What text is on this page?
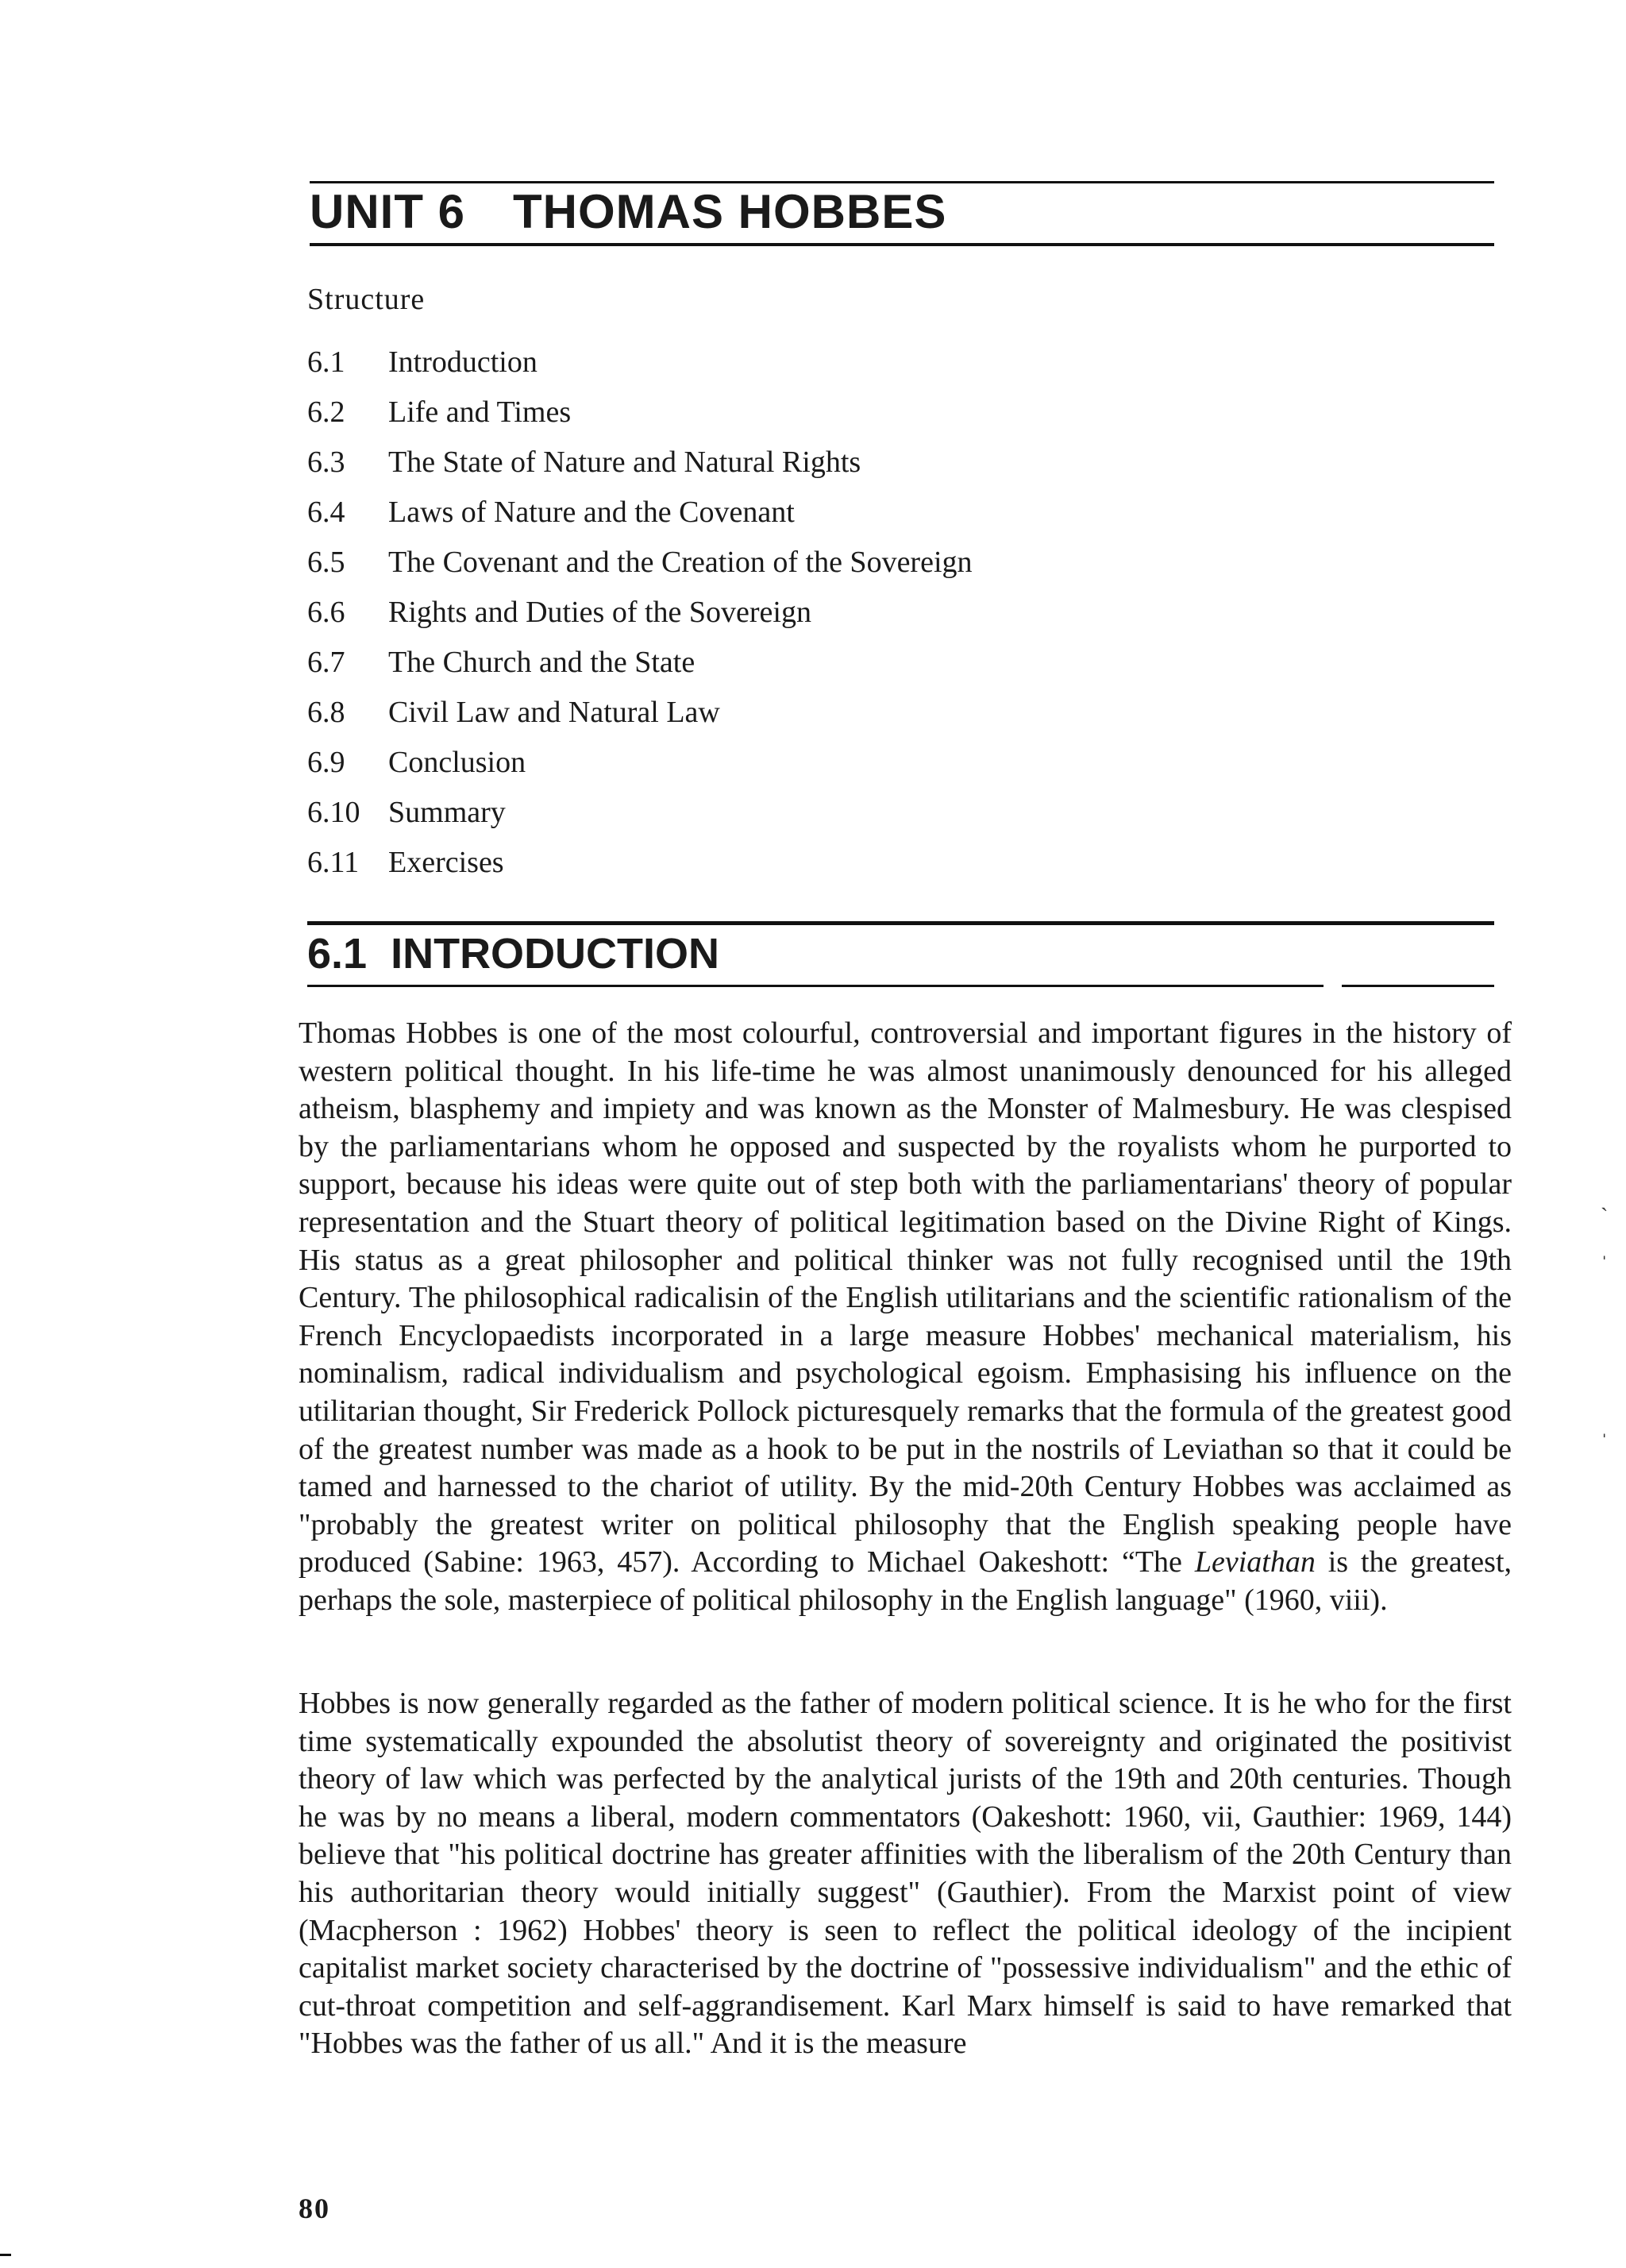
UNIT 6 THOMAS HOBBES
Structure
6.1	Introduction
6.2	Life and Times
6.3	The State of Nature and Natural Rights
6.4	Laws of Nature and the Covenant
6.5	The Covenant and the Creation of the Sovereign
6.6	Rights and Duties of the Sovereign
6.7	The Church and the State
6.8	Civil Law and Natural Law
6.9	Conclusion
6.10 Summary
6.11 Exercises
6.1 INTRODUCTION

Thomas Hobbes is one of the most colourful, controversial and important figures in the history of western political thought. In his life-time he was almost unanimously denounced for his alleged atheism, blasphemy and impiety and was known as the Monster of Malmesbury. He was clespised by the parliamentarians whom he opposed and suspected by the royalists whom he purported to support, because his ideas were quite out of step both with the parliamentarians' theory of popular representation and the Stuart theory of political legitimation based on the Divine Right of Kings. His status as a great philosopher and political thinker was not fully recognised until the 19th Century. The philosophical radicalisin of the English utilitarians and the scientific rationalism of the French Encyclopaedists incorporated in a large measure Hobbes' mechanical materialism, his nominalism, radical individualism and psychological egoism. Emphasising his influence on the utilitarian thought, Sir Frederick Pollock picturesquely remarks that the formula of the greatest good of the greatest number was made as a hook to be put in the nostrils of Leviathan so that it could be tamed and harnessed to the chariot of utility. By the mid-20th Century Hobbes was acclaimed as "probably the greatest writer on political philosophy that the English speaking people have produced (Sabine: 1963, 457). According to Michael Oakeshott: “The Leviathan is the greatest, perhaps the sole, masterpiece of political philosophy in the English language" (1960, viii).

Hobbes is now generally regarded as the father of modern political science. It is he who for the first time systematically expounded the absolutist theory of sovereignty and originated the positivist theory of law which was perfected by the analytical jurists of the 19th and 20th centuries. Though he was by no means a liberal, modern commentators (Oakeshott: 1960, vii, Gauthier: 1969, 144) believe that "his political doctrine has greater affinities with the liberalism of the 20th Century than his authoritarian theory would initially suggest" (Gauthier). From the Marxist point of view (Macpherson : 1962) Hobbes' theory is seen to reflect the political ideology of the incipient capitalist market society characterised by the doctrine of "possessive individualism" and the ethic of cut-throat competition and self-aggrandisement. Karl Marx himself is said to have remarked that "Hobbes was the father of us all." And it is the measure

80
ˏ
ˌ
ˌ
